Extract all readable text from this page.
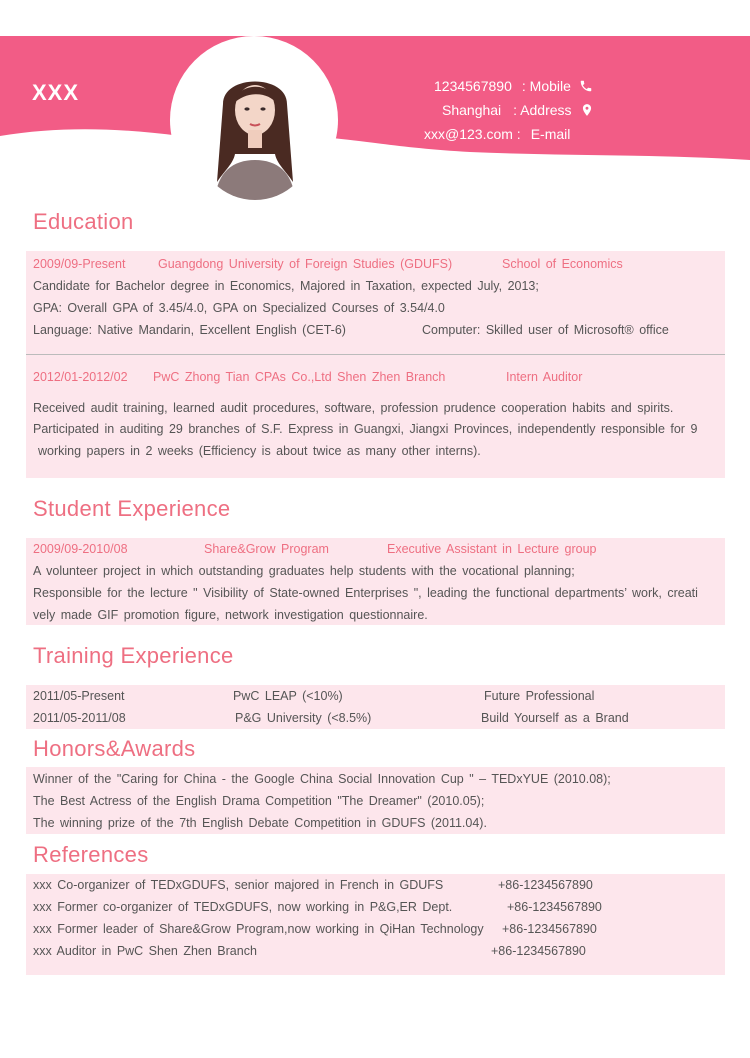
XXX	1234567890 : Mobile
Shanghai : Address
xxx@123.com : E-mail
Education
2009/09-Present	Guangdong University of Foreign Studies (GDUFS)	School of Economics
Candidate for Bachelor degree in Economics, Majored in Taxation, expected July, 2013;
GPA: Overall GPA of 3.45/4.0, GPA on Specialized Courses of 3.54/4.0
Language: Native Mandarin, Excellent English (CET-6)	Computer: Skilled user of Microsoft® office
2012/01-2012/02 PwC Zhong Tian CPAs Co.,Ltd Shen Zhen Branch	Intern Auditor
Received audit training, learned audit procedures, software, profession prudence cooperation habits and spirits.
Participated in auditing 29 branches of S.F. Express in Guangxi, Jiangxi Provinces, independently responsible for 9
working papers in 2 weeks (Efficiency is about twice as many other interns).
Student Experience
2009/09-2010/08	Share&Grow Program	Executive Assistant in Lecture group
A volunteer project in which outstanding graduates help students with the vocational planning;
Responsible for the lecture " Visibility of State-owned Enterprises ", leading the functional departments’ work, creati
vely made GIF promotion figure, network investigation questionnaire.
Training Experience
2011/05-Present	PwC LEAP (<10%)	Future Professional
2011/05-2011/08	P&G University (<8.5%)	Build Yourself as a Brand
Honors&Awards
Winner of the "Caring for China - the Google China Social Innovation Cup " – TEDxYUE (2010.08);
The Best Actress of the English Drama Competition "The Dreamer" (2010.05);
The winning prize of the 7th English Debate Competition in GDUFS (2011.04).
References
xxx Co-organizer of TEDxGDUFS, senior majored in French in GDUFS	+86-1234567890
xxx Former co-organizer of TEDxGDUFS, now working in P&G,ER Dept.	+86-1234567890
xxx Former leader of Share&Grow Program,now working in QiHan Technology +86-1234567890
xxx Auditor in PwC Shen Zhen Branch	+86-1234567890
